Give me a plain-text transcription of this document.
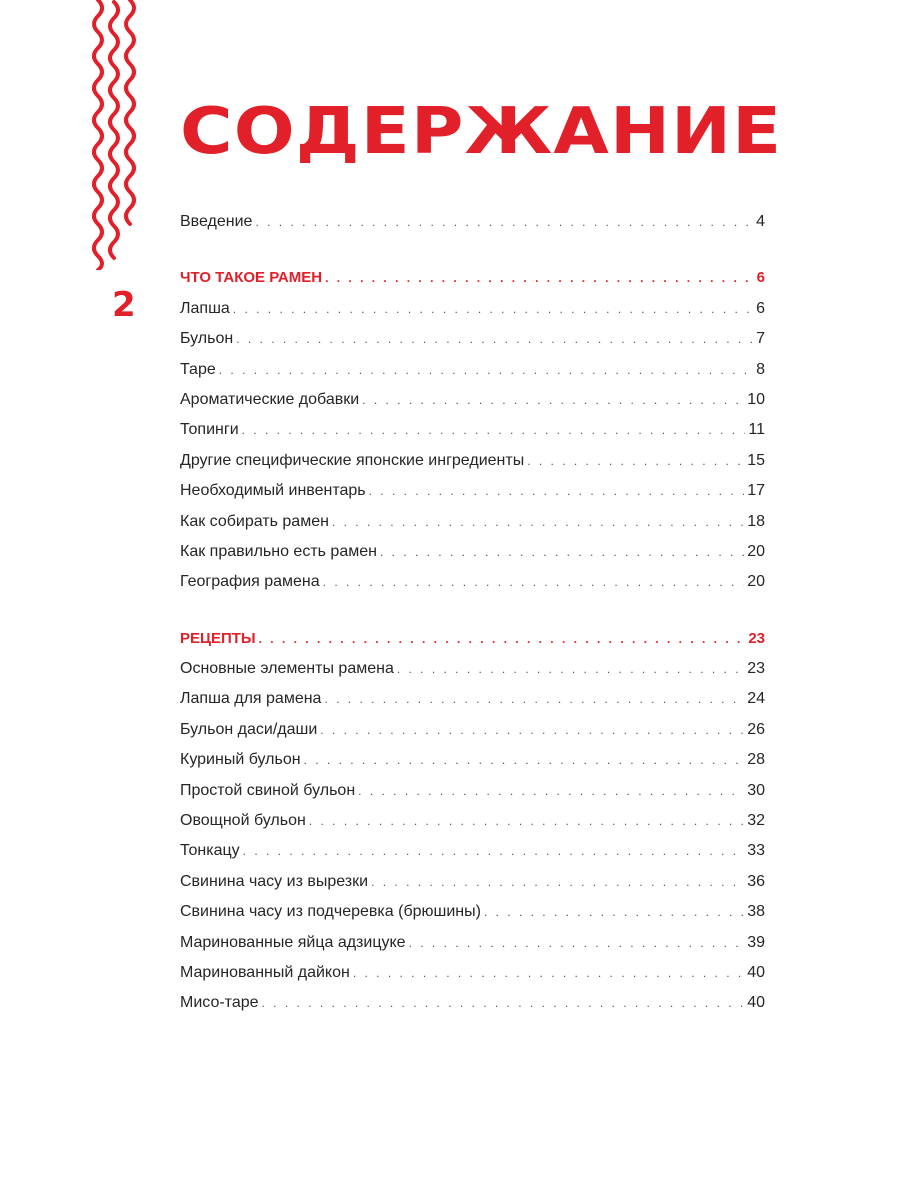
2
СОДЕРЖАНИЕ
Введение . . .	4
ЧТО ТАКОЕ РАМЕН . . .	6
Лапша . . .	6
Бульон . . .	7
Таре . . .	8
Ароматические добавки . . .	10
Топинги . . .	11
Другие специфические японские ингредиенты . . .	15
Необходимый инвентарь . . .	17
Как собирать рамен . . .	18
Как правильно есть рамен . . .	20
География рамена . . .	20
РЕЦЕПТЫ . . .	23
Основные элементы рамена . . .	23
Лапша для рамена . . .	24
Бульон даси/даши . . .	26
Куриный бульон . . .	28
Простой свиной бульон . . .	30
Овощной бульон . . .	32
Тонкацу . . .	33
Свинина часу из вырезки . . .	36
Свинина часу из подчеревка (брюшины) . . .	38
Маринованные яйца адзицуке . . .	39
Маринованный дайкон . . .	40
Мисо-таре . . .	40
